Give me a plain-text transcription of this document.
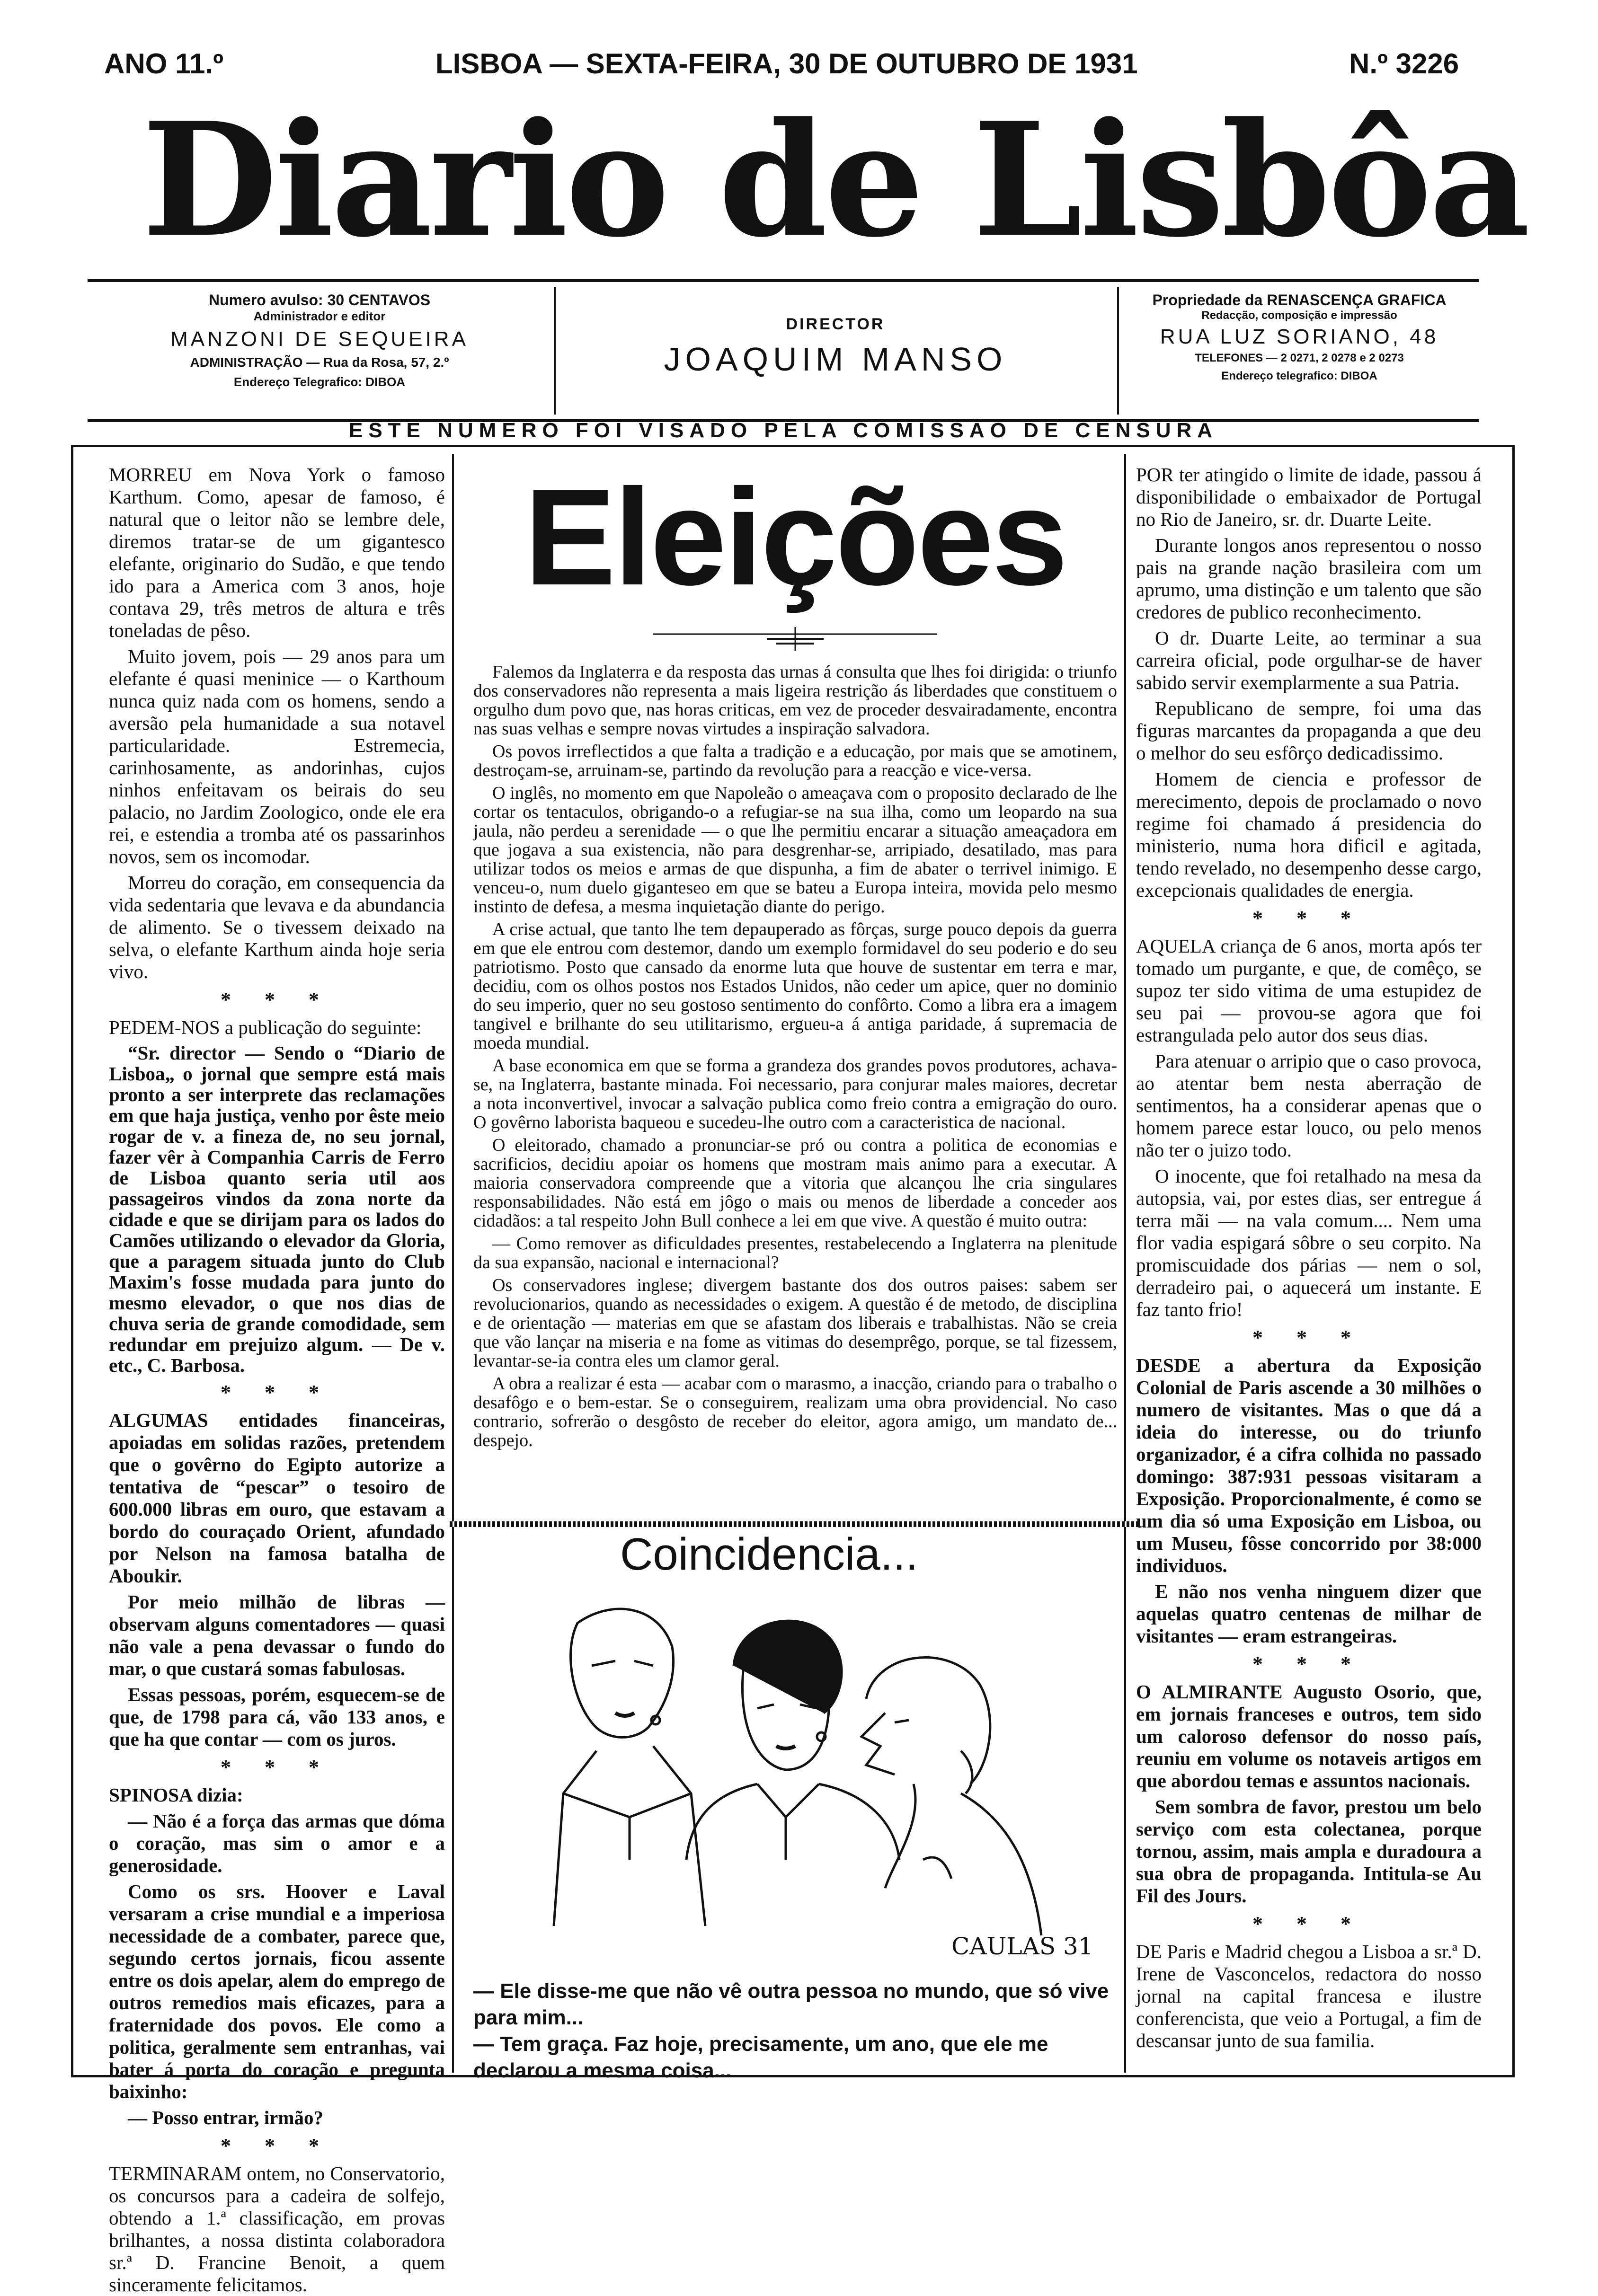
ANO 11.º	LISBOA — SEXTA-FEIRA, 30 DE OUTUBRO DE 1931	N.º 3226
Diario de Lisbôa
Numero avulso: 30 CENTAVOS
Administrador e editor
MANZONI DE SEQUEIRA
ADMINISTRAÇÃO — Rua da Rosa, 57, 2.º
Endereço Telegrafico: DIBOA
DIRECTOR
JOAQUIM MANSO
Propriedade da RENASCENÇA GRAFICA
Redacção, composição e impressão
RUA LUZ SORIANO, 48
TELEFONES — 2 0271, 2 0278 e 2 0273
Endereço telegrafico: DIBOA
ESTE NUMERO FOI VISADO PELA COMISSÃO DE CENSURA

MORREU em Nova York o famoso Karthum. Como, apesar de famoso, é natural que o leitor não se lembre dele, diremos tratar-se de um gigantesco elefante, originario do Sudão, e que tendo ido para a America com 3 anos, hoje contava 29, três metros de altura e três toneladas de pêso.

Muito jovem, pois — 29 anos para um elefante é quasi meninice — o Karthoum nunca quiz nada com os homens, sendo a aversão pela humanidade a sua notavel particularidade. Estremecia, carinhosamente, as andorinhas, cujos ninhos enfeitavam os beirais do seu palacio, no Jardim Zoologico, onde ele era rei, e estendia a tromba até os passarinhos novos, sem os incomodar.

Morreu do coração, em consequencia da vida sedentaria que levava e da abundancia de alimento. Se o tivessem deixado na selva, o elefante Karthum ainda hoje seria vivo.

* * *

PEDEM-NOS a publicação do seguinte:

“Sr. director — Sendo o “Diario de Lisboa„ o jornal que sempre está mais pronto a ser interprete das reclamações em que haja justiça, venho por êste meio rogar de v. a fineza de, no seu jornal, fazer vêr à Companhia Carris de Ferro de Lisboa quanto seria util aos passageiros vindos da zona norte da cidade e que se dirijam para os lados do Camões utilizando o elevador da Gloria, que a paragem situada junto do Club Maxim's fosse mudada para junto do mesmo elevador, o que nos dias de chuva seria de grande comodidade, sem redundar em prejuizo algum. — De v. etc., C. Barbosa.

* * *

ALGUMAS entidades financeiras, apoiadas em solidas razões, pretendem que o govêrno do Egipto autorize a tentativa de “pescar” o tesoiro de 600.000 libras em ouro, que estavam a bordo do couraçado Orient, afundado por Nelson na famosa batalha de Aboukir.

Por meio milhão de libras — observam alguns comentadores — quasi não vale a pena devassar o fundo do mar, o que custará somas fabulosas.

Essas pessoas, porém, esquecem-se de que, de 1798 para cá, vão 133 anos, e que ha que contar — com os juros.

* * *

SPINOSA dizia:

— Não é a força das armas que dóma o coração, mas sim o amor e a generosidade.

Como os srs. Hoover e Laval versaram a crise mundial e a imperiosa necessidade de a combater, parece que, segundo certos jornais, ficou assente entre os dois apelar, alem do emprego de outros remedios mais eficazes, para a fraternidade dos povos. Ele como a politica, geralmente sem entranhas, vai bater á porta do coração e pregunta baixinho:

— Posso entrar, irmão?

* * *

TERMINARAM ontem, no Conservatorio, os concursos para a cadeira de solfejo, obtendo a 1.ª classificação, em provas brilhantes, a nossa distinta colaboradora sr.ª D. Francine Benoit, a quem sinceramente felicitamos.

Eleições

Falemos da Inglaterra e da resposta das urnas á consulta que lhes foi dirigida: o triunfo dos conservadores não representa a mais ligeira restrição ás liberdades que constituem o orgulho dum povo que, nas horas criticas, em vez de proceder desvairadamente, encontra nas suas velhas e sempre novas virtudes a inspiração salvadora.

Os povos irreflectidos a que falta a tradição e a educação, por mais que se amotinem, destroçam-se, arruinam-se, partindo da revolução para a reacção e vice-versa.

O inglês, no momento em que Napoleão o ameaçava com o proposito declarado de lhe cortar os tentaculos, obrigando-o a refugiar-se na sua ilha, como um leopardo na sua jaula, não perdeu a serenidade — o que lhe permitiu encarar a situação ameaçadora em que jogava a sua existencia, não para desgrenhar-se, arripiado, desatilado, mas para utilizar todos os meios e armas de que dispunha, a fim de abater o terrivel inimigo. E venceu-o, num duelo giganteseo em que se bateu a Europa inteira, movida pelo mesmo instinto de defesa, a mesma inquietação diante do perigo.

A crise actual, que tanto lhe tem depauperado as fôrças, surge pouco depois da guerra em que ele entrou com destemor, dando um exemplo formidavel do seu poderio e do seu patriotismo. Posto que cansado da enorme luta que houve de sustentar em terra e mar, decidiu, com os olhos postos nos Estados Unidos, não ceder um apice, quer no dominio do seu imperio, quer no seu gostoso sentimento do confôrto. Como a libra era a imagem tangivel e brilhante do seu utilitarismo, ergueu-a á antiga paridade, á supremacia de moeda mundial.

A base economica em que se forma a grandeza dos grandes povos produtores, achava-se, na Inglaterra, bastante minada. Foi necessario, para conjurar males maiores, decretar a nota inconvertivel, invocar a salvação publica como freio contra a emigração do ouro. O govêrno laborista baqueou e sucedeu-lhe outro com a caracteristica de nacional.

O eleitorado, chamado a pronunciar-se pró ou contra a politica de economias e sacrificios, decidiu apoiar os homens que mostram mais animo para a executar. A maioria conservadora compreende que a vitoria que alcançou lhe cria singulares responsabilidades. Não está em jôgo o mais ou menos de liberdade a conceder aos cidadãos: a tal respeito John Bull conhece a lei em que vive. A questão é muito outra:

— Como remover as dificuldades presentes, restabelecendo a Inglaterra na plenitude da sua expansão, nacional e internacional?

Os conservadores inglese; divergem bastante dos dos outros paises: sabem ser revolucionarios, quando as necessidades o exigem. A questão é de metodo, de disciplina e de orientação — materias em que se afastam dos liberais e trabalhistas. Não se creia que vão lançar na miseria e na fome as vitimas do desemprêgo, porque, se tal fizessem, levantar-se-ia contra eles um clamor geral.

A obra a realizar é esta — acabar com o marasmo, a inacção, criando para o trabalho o desafôgo e o bem-estar. Se o conseguirem, realizam uma obra providencial. No caso contrario, sofrerão o desgôsto de receber do eleitor, agora amigo, um mandato de... despejo.

Coincidencia...
CAULAS 31

— Ele disse-me que não vê outra pessoa no mundo, que só vive para mim...

— Tem graça. Faz hoje, precisamente, um ano, que ele me declarou a mesma coisa...

POR ter atingido o limite de idade, passou á disponibilidade o embaixador de Portugal no Rio de Janeiro, sr. dr. Duarte Leite.

Durante longos anos representou o nosso pais na grande nação brasileira com um aprumo, uma distinção e um talento que são credores de publico reconhecimento.

O dr. Duarte Leite, ao terminar a sua carreira oficial, pode orgulhar-se de haver sabido servir exemplarmente a sua Patria.

Republicano de sempre, foi uma das figuras marcantes da propaganda a que deu o melhor do seu esfôrço dedicadissimo.

Homem de ciencia e professor de merecimento, depois de proclamado o novo regime foi chamado á presidencia do ministerio, numa hora dificil e agitada, tendo revelado, no desempenho desse cargo, excepcionais qualidades de energia.

* * *

AQUELA criança de 6 anos, morta após ter tomado um purgante, e que, de comêço, se supoz ter sido vitima de uma estupidez de seu pai — provou-se agora que foi estrangulada pelo autor dos seus dias.

Para atenuar o arripio que o caso provoca, ao atentar bem nesta aberração de sentimentos, ha a considerar apenas que o homem parece estar louco, ou pelo menos não ter o juizo todo.

O inocente, que foi retalhado na mesa da autopsia, vai, por estes dias, ser entregue á terra mãi — na vala comum.... Nem uma flor vadia espigará sôbre o seu corpito. Na promiscuidade dos párias — nem o sol, derradeiro pai, o aquecerá um instante. E faz tanto frio!

* * *

DESDE a abertura da Exposição Colonial de Paris ascende a 30 milhões o numero de visitantes. Mas o que dá a ideia do interesse, ou do triunfo organizador, é a cifra colhida no passado domingo: 387:931 pessoas visitaram a Exposição. Proporcionalmente, é como se um dia só uma Exposição em Lisboa, ou um Museu, fôsse concorrido por 38:000 individuos.

E não nos venha ninguem dizer que aquelas quatro centenas de milhar de visitantes — eram estrangeiras.

* * *

O ALMIRANTE Augusto Osorio, que, em jornais franceses e outros, tem sido um caloroso defensor do nosso país, reuniu em volume os notaveis artigos em que abordou temas e assuntos nacionais.

Sem sombra de favor, prestou um belo serviço com esta colectanea, porque tornou, assim, mais ampla e duradoura a sua obra de propaganda. Intitula-se Au Fil des Jours.

* * *

DE Paris e Madrid chegou a Lisboa a sr.ª D. Irene de Vasconcelos, redactora do nosso jornal na capital francesa e ilustre conferencista, que veio a Portugal, a fim de descansar junto de sua familia.
